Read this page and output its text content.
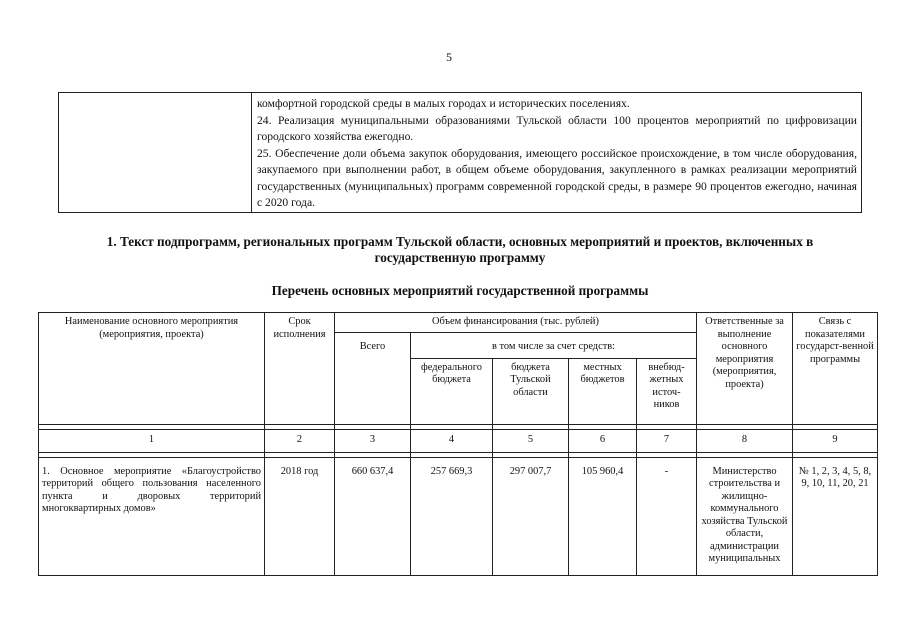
5

комфортной городской среды в малых городах и исторических поселениях.

24. Реализация муниципальными образованиями Тульской области 100 процентов мероприятий по цифровизации городского хозяйства ежегодно.

25. Обеспечение доли объема закупок оборудования, имеющего российское происхождение, в том числе оборудования, закупаемого при выполнении работ, в общем объеме оборудования, закупленного в рамках реализации мероприятий государственных (муниципальных) программ современной городской среды, в размере 90 процентов ежегодно, начиная с 2020 года.

1. Текст подпрограмм, региональных программ Тульской области, основных мероприятий и проектов, включенных в государственную программу

Перечень основных мероприятий государственной программы

Наименование основного мероприятия (мероприятия, проекта)	Срок исполнения	Объем финансирования (тыс. рублей)					Ответственные за выполнение основного мероприятия (мероприятия, проекта)	Связь с показателями государст-венной программы
		Всего	в том числе за счет средств:					
			федерального бюджета	бюджета Тульской области	местных бюджетов	внебюд-жетных источ-ников		

1	2	3	4	5	6	7	8	9

1. Основное мероприятие «Благоустройство территорий общего пользования населенного пункта и дворовых территорий многоквартирных домов»	2018 год	660 637,4	257 669,3	297 007,7	105 960,4	-	Министерство строительства и жилищно-коммунального хозяйства Тульской области, администрации муниципальных	№ 1, 2, 3, 4, 5, 8, 9, 10, 11, 20, 21
